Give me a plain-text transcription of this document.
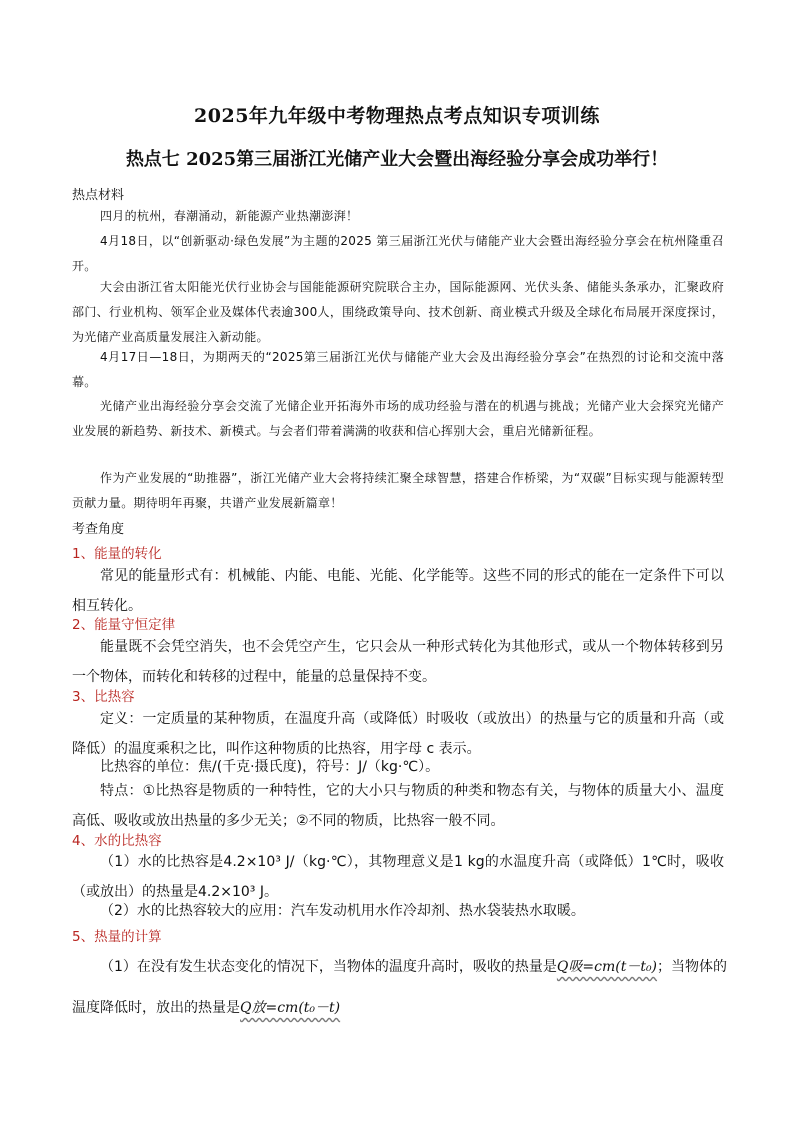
2025年九年级中考物理热点考点知识专项训练
热点七 2025第三届浙江光储产业大会暨出海经验分享会成功举行！
热点材料

四月的杭州，春潮涌动，新能源产业热潮澎湃！

4月18日，以“创新驱动·绿色发展”为主题的2025 第三届浙江光伏与储能产业大会暨出海经验分享会在杭州隆重召开。

大会由浙江省太阳能光伏行业协会与国能能源研究院联合主办，国际能源网、光伏头条、储能头条承办，汇聚政府部门、行业机构、领军企业及媒体代表逾300人，围绕政策导向、技术创新、商业模式升级及全球化布局展开深度探讨，为光储产业高质量发展注入新动能。

4月17日—18日，为期两天的“2025第三届浙江光伏与储能产业大会及出海经验分享会”在热烈的讨论和交流中落幕。

光储产业出海经验分享会交流了光储企业开拓海外市场的成功经验与潜在的机遇与挑战；光储产业大会探究光储产业发展的新趋势、新技术、新模式。与会者们带着满满的收获和信心挥别大会，重启光储新征程。

作为产业发展的“助推器”，浙江光储产业大会将持续汇聚全球智慧，搭建合作桥梁，为“双碳”目标实现与能源转型贡献力量。期待明年再聚，共谱产业发展新篇章！

考查角度
1、能量的转化

常见的能量形式有：机械能、内能、电能、光能、化学能等。这些不同的形式的能在一定条件下可以相互转化。

2、能量守恒定律

能量既不会凭空消失，也不会凭空产生，它只会从一种形式转化为其他形式，或从一个物体转移到另一个物体，而转化和转移的过程中，能量的总量保持不变。

3、比热容

定义：一定质量的某种物质，在温度升高（或降低）时吸收（或放出）的热量与它的质量和升高（或降低）的温度乘积之比，叫作这种物质的比热容，用字母 c 表示。

比热容的单位：焦/(千克·摄氏度)，符号：J/（kg·℃）。

特点：①比热容是物质的一种特性，它的大小只与物质的种类和物态有关，与物体的质量大小、温度高低、吸收或放出热量的多少无关；②不同的物质，比热容一般不同。

4、水的比热容

（1）水的比热容是4.2×10³ J/（kg·℃），其物理意义是1 kg的水温度升高（或降低）1℃时，吸收（或放出）的热量是4.2×10³ J。

（2）水的比热容较大的应用：汽车发动机用水作冷却剂、热水袋装热水取暖。

5、热量的计算
（1）在没有发生状态变化的情况下，当物体的温度升高时，吸收的热量是Q吸=cm(t－t₀)；当物体的
温度降低时，放出的热量是Q放=cm(t₀－t)
